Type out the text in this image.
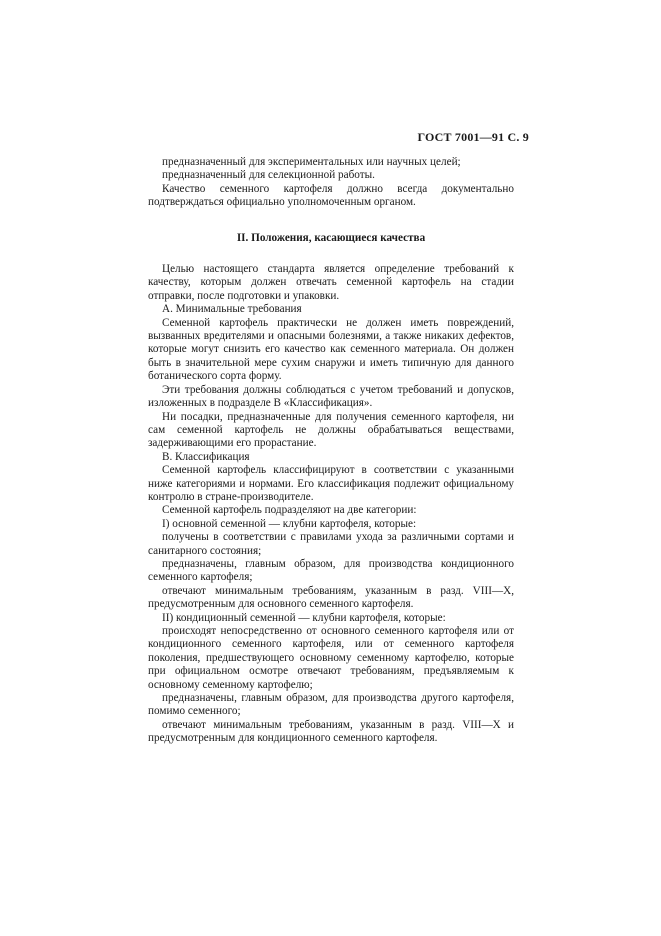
ГОСТ 7001—91 С. 9

предназначенный для экспериментальных или научных целей;

предназначенный для селекционной работы.

Качество семенного картофеля должно всегда документально подтверждаться официально уполномоченным органом.

II. Положения, касающиеся качества

Целью настоящего стандарта является определение требований к качеству, которым должен отвечать семенной картофель на стадии отправки, после подготовки и упаковки.

А. Минимальные требования

Семенной картофель практически не должен иметь повреждений, вызванных вредителями и опасными болезнями, а также никаких дефектов, которые могут снизить его качество как семенного материала. Он должен быть в значительной мере сухим снаружи и иметь типичную для данного ботанического сорта форму.

Эти требования должны соблюдаться с учетом требований и допусков, изложенных в подразделе В «Классификация».

Ни посадки, предназначенные для получения семенного картофеля, ни сам семенной картофель не должны обрабатываться веществами, задерживающими его прорастание.

В. Классификация

Семенной картофель классифицируют в соответствии с указанными ниже категориями и нормами. Его классификация подлежит официальному контролю в стране-производителе.

Семенной картофель подразделяют на две категории:

I) основной семенной — клубни картофеля, которые:

получены в соответствии с правилами ухода за различными сортами и санитарного состояния;

предназначены, главным образом, для производства кондиционного семенного картофеля;

отвечают минимальным требованиям, указанным в разд. VIII—X, предусмотренным для основного семенного картофеля.

II) кондиционный семенной — клубни картофеля, которые:

происходят непосредственно от основного семенного картофеля или от кондиционного семенного картофеля, или от семенного картофеля поколения, предшествующего основному семенному картофелю, которые при официальном осмотре отвечают требованиям, предъявляемым к основному семенному картофелю;

предназначены, главным образом, для производства другого картофеля, помимо семенного;

отвечают минимальным требованиям, указанным в разд. VIII—X и предусмотренным для кондиционного семенного картофеля.
